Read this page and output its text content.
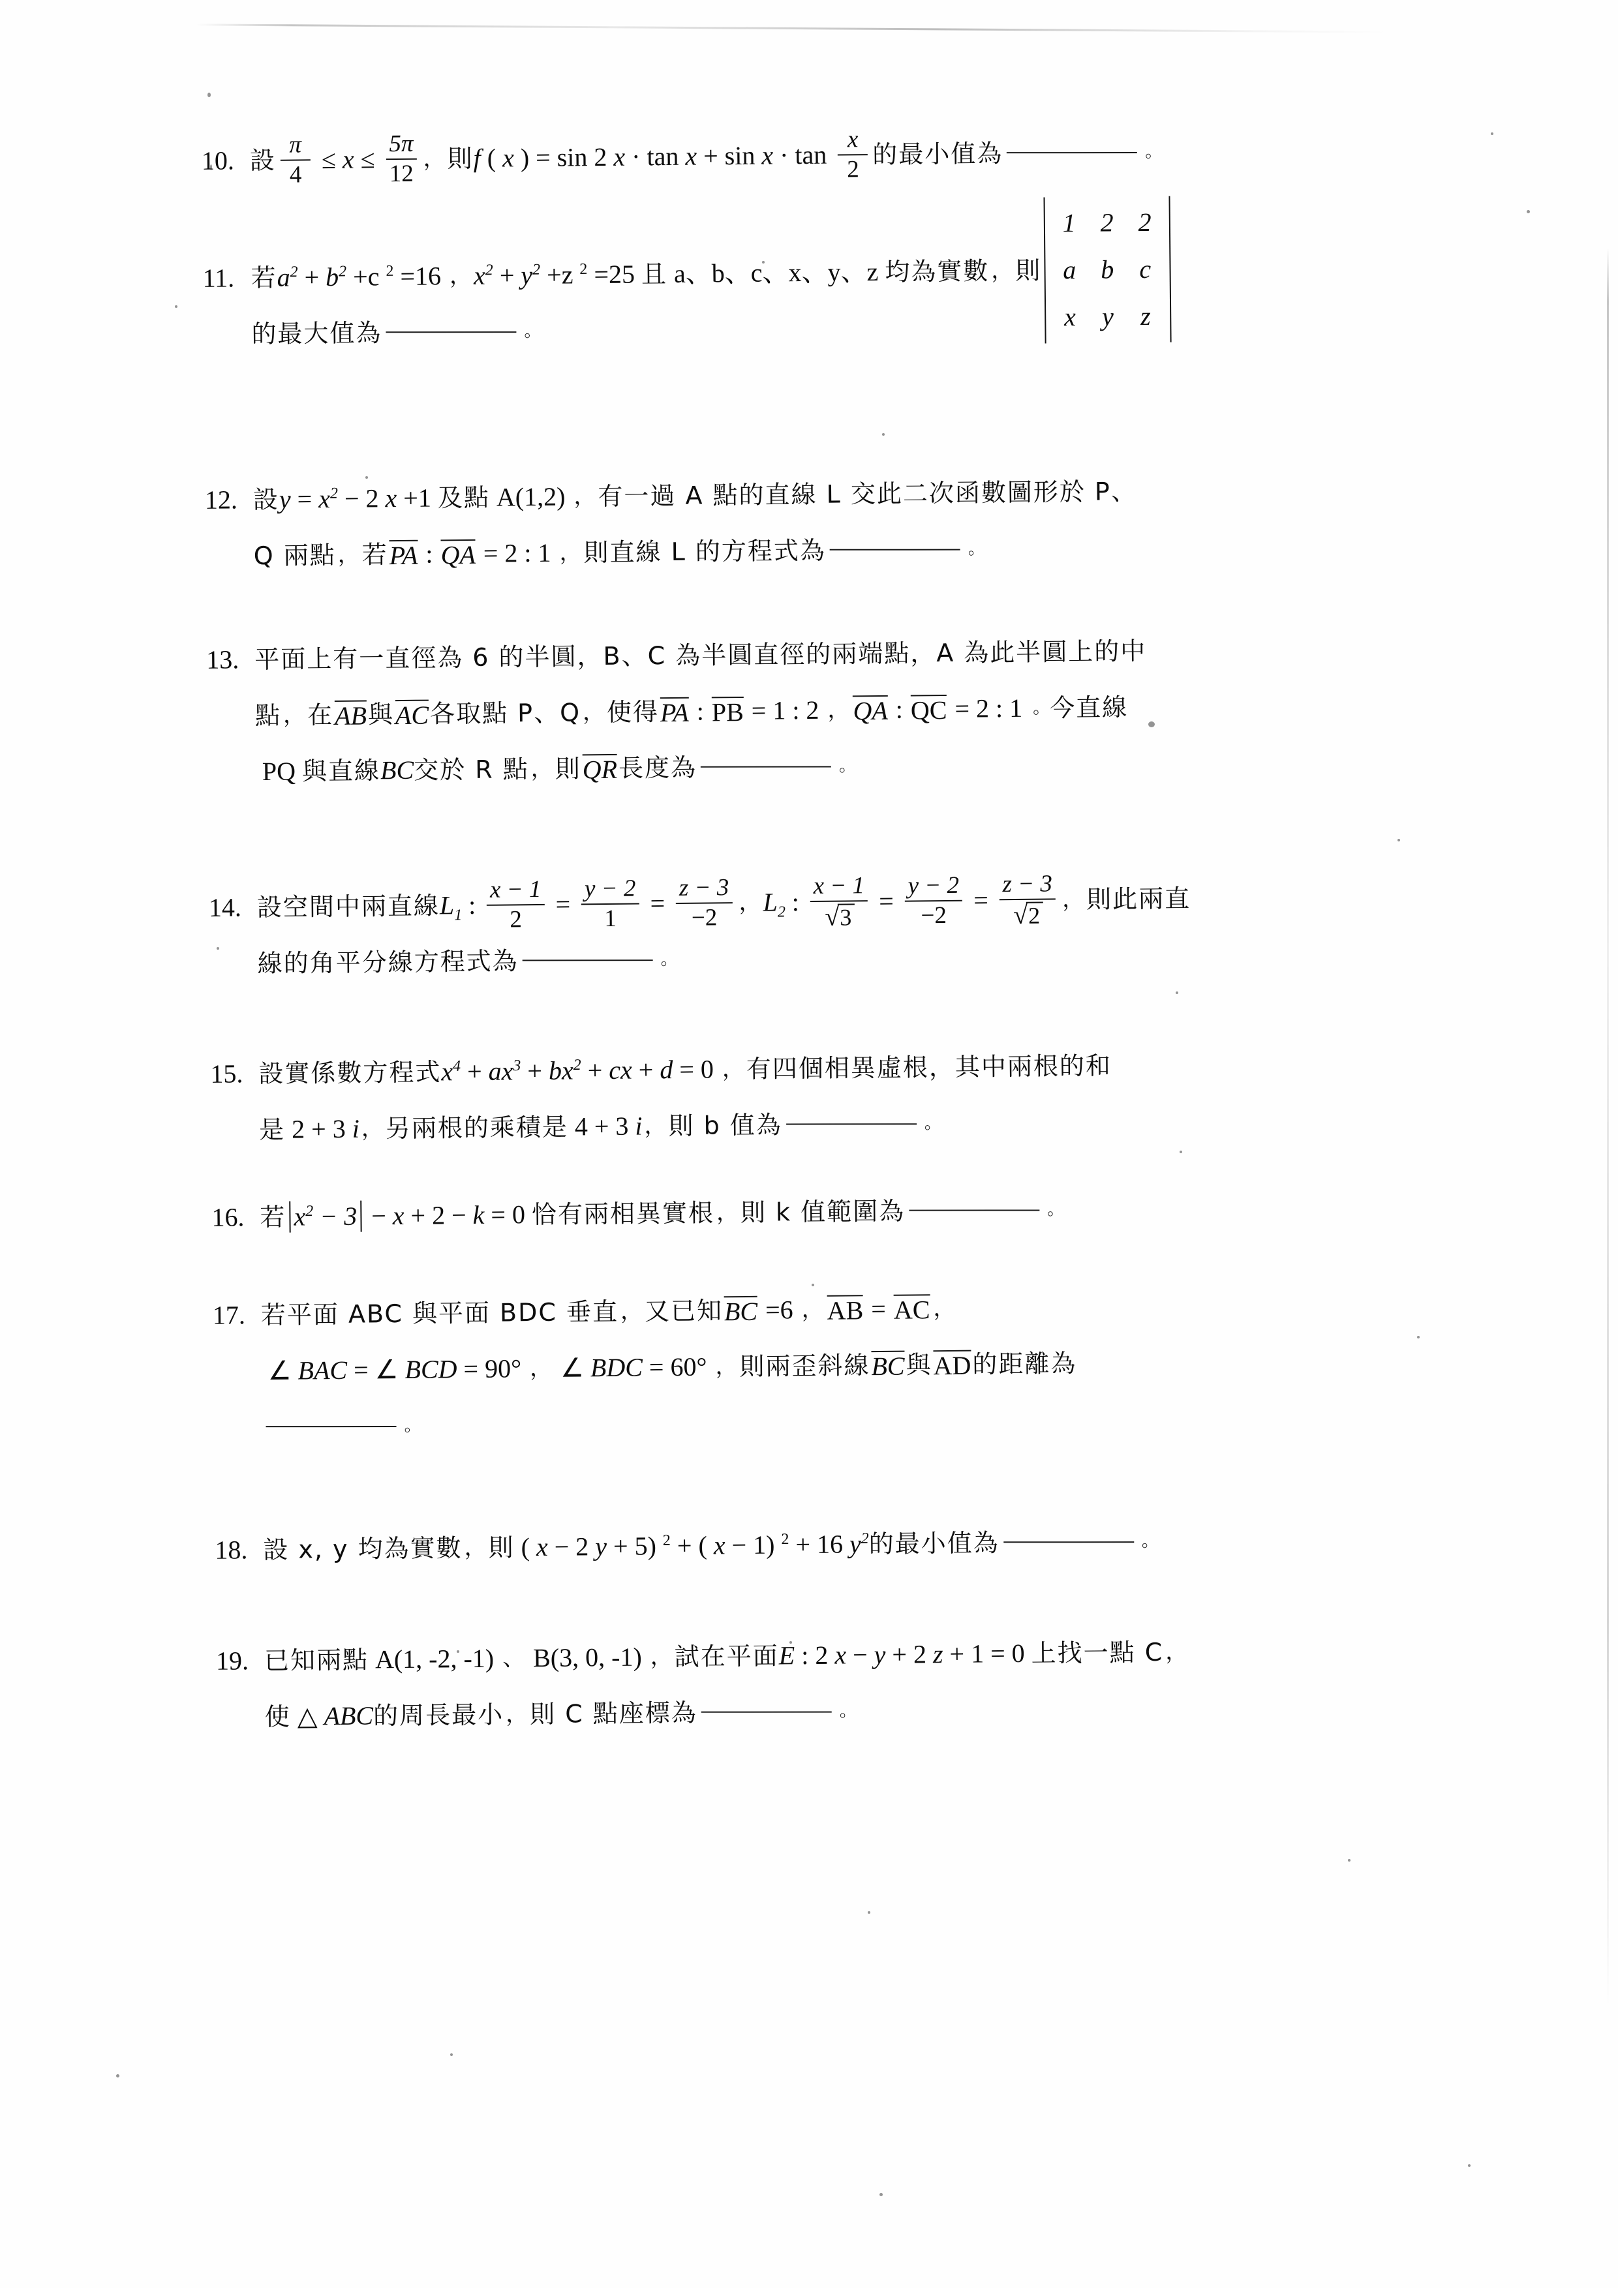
10. 設 $\frac{\pi}{4} \le x \le \frac{5\pi}{12}$ ， 則 f ( x ) = sin 2 $x \cdot \tan x + \sin x \cdot \tan \frac{x}{2}$ 的最小值為	。
11. 若 $a^2 + b^2 +c$ $^2$ =16 ， $x^2 + y^2 +z$ $^2$ =25 且 a、b、c、x、y、z 均為實數 ， 則
1 2 2
a b c
x y z
的最大值為	。
12. 設 $y = x^2 - 2$ x +1 及點 A(1,2) ， 有一過 A 點的直線 L 交此二次函數圖形於 P、
Q 兩點 ， 若 PA : QA = 2 : 1 ， 則直線 L 的方程式為	。
13. 平面上有一直徑為 6 的半圓，B、C 為半圓直徑的兩端點，A 為此半圓上的中
點 ， 在 AB 與 AC 各取點 P、Q ， 使得 PA : PB = 1 : 2 ， QA : QC = 2 : 1 。 今直線
PQ 與直線 BC 交於 R 點 ， 則 QR 長度為	。
14. 設空間中兩直線 $L_1$ : $\frac{x - 1}{2} = \frac{y - 2}{1} = \frac{z - 3}{-2}$ ， $L_2$ : $\frac{x - 1}{√ 3} = \frac{y - 2}{-2} = \frac{z - 3}{√ 2}$ ， 則此兩直
線的角平分線方程式為	。
15. 設實係數方程式 $x^4 + a$ $x^3 + b$ $x^2$ + cx + d = 0 ， 有四個相異虛根，其中兩根的和
是 2 + 3 i ， 另兩根的乘積是 4 + 3 i ， 則 b 值為	。
16. 若 $x^2 - 3 - x + 2 - k = 0$ 恰有兩相異實根 ， 則 k 值範圍為	。
17. 若平面 ABC 與平面 BDC 垂直 ， 又已知 BC =6 ， AB = AC ，
∠ BAC = ∠ BCD = 90° ， ∠ BDC = 60° ， 則兩歪斜線 BC 與 AD 的距離為
。
18. 設 x, y 均為實數 ， 則 ( x − 2 y + 5) $^2$ + ( x − 1) $^2$ + 16 $y^2$ 的最小值為	。
19. 已知兩點 A(1, -2, -1) 、 B(3, 0, -1) ， 試在平面 E : 2 x − y + 2 z + 1 = 0 上找一點 C ，
使 △ ABC 的周長最小 ， 則 C 點座標為	。
